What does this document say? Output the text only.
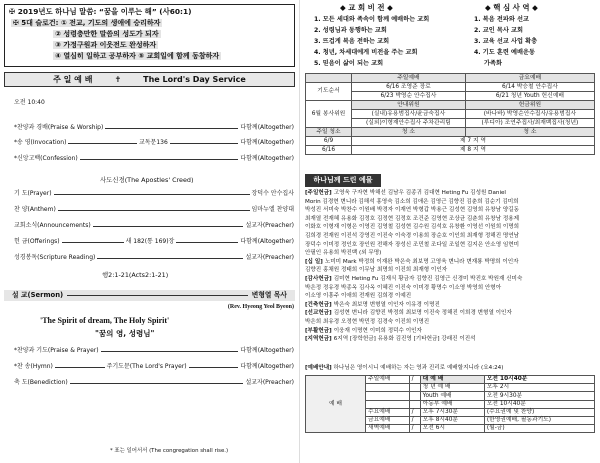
✠ 2019년도 하나님 말씀: “꿈을 이루는 해” (사60:1)
✠ 5대 슬로건: ① 전교, 기도의 생애에 승리하자
② 성령충만한 말씀의 성도가 되자
③ 가정구원과 이웃전도 완성하자
④ 열심히 일하고 공부하자 ⑤ 교회일에 함께 동참하자
주 일 예 배	✝	The Lord's Day Service
오전 10:40
*찬양과 경배(Praise & Worship)	다함께(Altogether)
*송 영(Invocation)	교독문136	다함께(Altogether)
*신앙고백(Confession)	다함께(Altogether)
사도신경(The Apostles' Creed)
기 도(Prayer)	장덕수 안수집사
찬 양(Anthem)	임마누엘 찬양대
교회소식(Announcements)	설교자(Preacher)
헌 금(Offerings)	새 182(통 169)장	다함께(Altogether)
성경봉독(Scripture Reading)	설교자(Preacher)
행2:1-21(Acts2:1-21)
설 교(Sermon)	변형열 목사
(Rev. Hyeong Yeol Byeon)
'The Spirit of dream, The Holy Spirit'
"꿈의 영, 성령님"
*찬양과 기도(Praise & Prayer)	다함께(Altogether)
*찬 송(Hymn)	주기도문(The Lord's Prayer)	다함께(Altogether)
축 도(Benediction)	설교자(Preacher)
* 표는 일어서서 (The congregation shall rise.)
◆ 교 회 비 전 ◆	◆ 핵 심 사 역 ◆
1. 모든 세대와 족속이 함께 예배하는 교회
2. 성령님과 동행하는 교회
3. 뜨겁게 복음 전하는 교회
4. 청년, 차세대에게 비전을 주는 교회
5. 믿음이 삶이 되는 교회
1. 복음 전파와 선교
2. 교인 목사 교회
3. 교육 선교 사업 확충
4. 기도 훈련 예배운동
가족화
	주일예배	금요예배
기도순서	6/16 조영준 장로	6/14 박승철 안수집사
	6/23 박영순 안수집사	6/21 청년 Youth 헌신예배
6월 봉사위원	안내위원	헌금위원
	(실내)유용범집사/윤금숙집사	(바나바) 박영순안수집사/유용범집사
	(실외)이형재안수집사 주차관리팀	(루디아) 조연주집사/최재백집사(청년)
주일 청소	청 소	청 소
6/9	제 7 지 역	
6/16	제 8 지 역	
하나님께 드린 예물
[주일헌금] 고영욱 구자현 박해선 김남우 김종귀 김대현 Heting Fu 김성원 Daniel
Morin 김경현 변니라 김해석 홍영숙 김소희 김애은 김영근 김향진 김춘희 김순기 김미희
박성진 서미숙 박찬수 이원배 박경자 이재연 박형갑 박용근 김성현 김영희 유창남 양길동
최재열 전재혜 유용화 김정호 김정현 김정호 조건준 김영현 조상균 김춘희 유창남 정용제
이화호 이형재 이형은 이영진 김영철 김성현 김수원 김석호 유창환 이영선 이원희 이명희
김희경 전재원 이진석 강영진 이진숙 이숙경 이용희 장순호 이인희 최재형 정해진 명연남
장덕수 이미정 정인호 장인원 전해자 장성신 조민철 조다일 조일현 김지은 안소영 임현미
안필인 유용희 박진백 (외 무명)
[십 일] 노미미 Mark 박정희 이재완 박은숙 최보명 고영욱 변니라 변재룡 박명희 이인자
김향진 홍채원 정태희 이무남 최명희 이진희 최재형 이인자
[감사헌금] 김미현 Heting Fu 김재식 황금자 김향진 김영근 신경미 박진호 박원재 신미숙
박은정 정유경 박종옥 김사옥 이혜진 이진숙 이미경 황명수 이소영 박영희 안형아
이소영 이흥주 이애희 전재원 김희경 이예진
[건축헌금] 박은숙 최보명 변형열 이인자 이유경 이명진
[선교헌금] 김성현 변니라 김향진 박정희 최보명 이진숙 정해진 이희경 변형열 이인자
박은희 최유경 오정현 박민정 김경숙 이진희 이명진
[부활헌금] 이웅재 이명현 이미희 정덕수 이인자
[지역헌금] 6지역 [장학헌금] 유용화 김진영 [기타헌금] 강래진 이진석
[예배안내] 하나님은 영이시니 예배하는 자는 영과 진리로 예배할지니라 (요4:24)
예 배	주일예배	/	대 예 배	오전 10시40분
			청 년 예 배	오후 2시
			Youth 예배	오전 9시30분
			아동부 예배	오전 10시40분
	수요예배	/	오후 7시30분	(수요권예 및 찬양)
	금요예배	/	오후 8시40분	(한영권예배, 필동과기도)
	새벽예배	/	오전 6시	(월-금)
